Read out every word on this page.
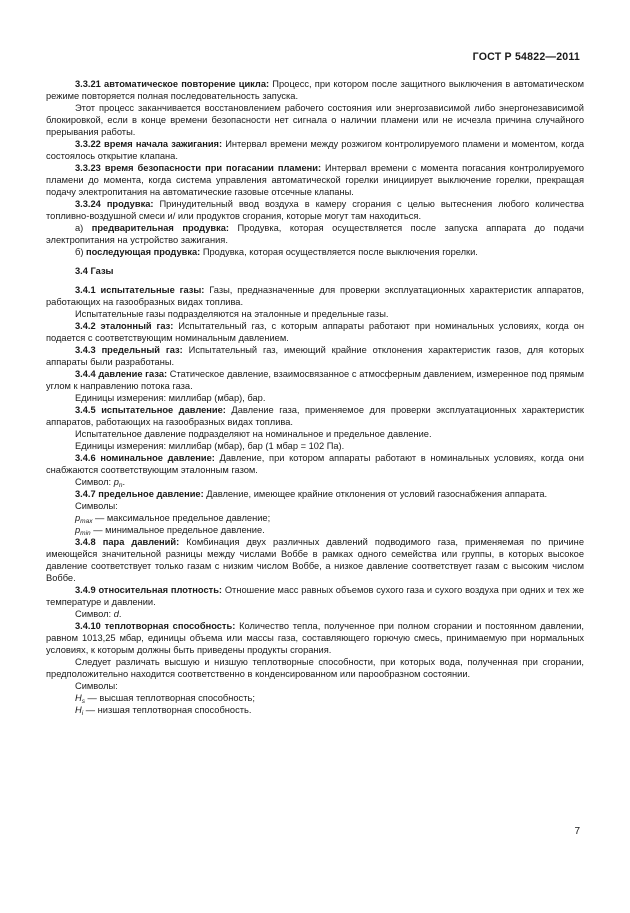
ГОСТ Р 54822—2011

3.3.21 автоматическое повторение цикла: Процесс, при котором после защитного выключения в автоматическом режиме повторяется полная последовательность запуска.

Этот процесс заканчивается восстановлением рабочего состояния или энергозависимой либо энергонезависимой блокировкой, если в конце времени безопасности нет сигнала о наличии пламени или не исчезла причина случайного прерывания работы.

3.3.22 время начала зажигания: Интервал времени между розжигом контролируемого пламени и моментом, когда состоялось открытие клапана.

3.3.23 время безопасности при погасании пламени: Интервал времени с момента погасания контролируемого пламени до момента, когда система управления автоматической горелки инициирует выключение горелки, прекращая подачу электропитания на автоматические газовые отсечные клапаны.

3.3.24 продувка: Принудительный ввод воздуха в камеру сгорания с целью вытеснения любого количества топливно-воздушной смеси и/ или продуктов сгорания, которые могут там находиться.

а) предварительная продувка: Продувка, которая осуществляется после запуска аппарата до подачи электропитания на устройство зажигания.

б) последующая продувка: Продувка, которая осуществляется после выключения горелки.

3.4 Газы

3.4.1 испытательные газы: Газы, предназначенные для проверки эксплуатационных характеристик аппаратов, работающих на газообразных видах топлива.

Испытательные газы подразделяются на эталонные и предельные газы.

3.4.2 эталонный газ: Испытательный газ, с которым аппараты работают при номинальных условиях, когда он подается с соответствующим номинальным давлением.

3.4.3 предельный газ: Испытательный газ, имеющий крайние отклонения характеристик газов, для которых аппараты были разработаны.

3.4.4 давление газа: Статическое давление, взаимосвязанное с атмосферным давлением, измеренное под прямым углом к направлению потока газа.

Единицы измерения: миллибар (мбар), бар.

3.4.5 испытательное давление: Давление газа, применяемое для проверки эксплуатационных характеристик аппаратов, работающих на газообразных видах топлива.

Испытательное давление подразделяют на номинальное и предельное давление.

Единицы измерения: миллибар (мбар), бар (1 мбар = 102 Па).

3.4.6 номинальное давление: Давление, при котором аппараты работают в номинальных условиях, когда они снабжаются соответствующим эталонным газом.

Символ: $p_n$.

3.4.7 предельное давление: Давление, имеющее крайние отклонения от условий газоснабжения аппарата.

Символы:

$p_{max}$ — максимальное предельное давление;

$p_{min}$ — минимальное предельное давление.

3.4.8 пара давлений: Комбинация двух различных давлений подводимого газа, применяемая по причине имеющейся значительной разницы между числами Воббе в рамках одного семейства или группы, в которых высокое давление соответствует только газам с низким числом Воббе, а низкое давление соответствует газам с высоким числом Воббе.

3.4.9 относительная плотность: Отношение масс равных объемов сухого газа и сухого воздуха при одних и тех же температуре и давлении.

Символ: d.

3.4.10 теплотворная способность: Количество тепла, полученное при полном сгорании и постоянном давлении, равном 1013,25 мбар, единицы объема или массы газа, составляющего горючую смесь, принимаемую при нормальных условиях, к которым должны быть приведены продукты сгорания.

Следует различать высшую и низшую теплотворные способности, при которых вода, полученная при сгорании, предположительно находится соответственно в конденсированном или парообразном состоянии.

Символы:

$H_s$ — высшая теплотворная способность;

$H_i$ — низшая теплотворная способность.

7
